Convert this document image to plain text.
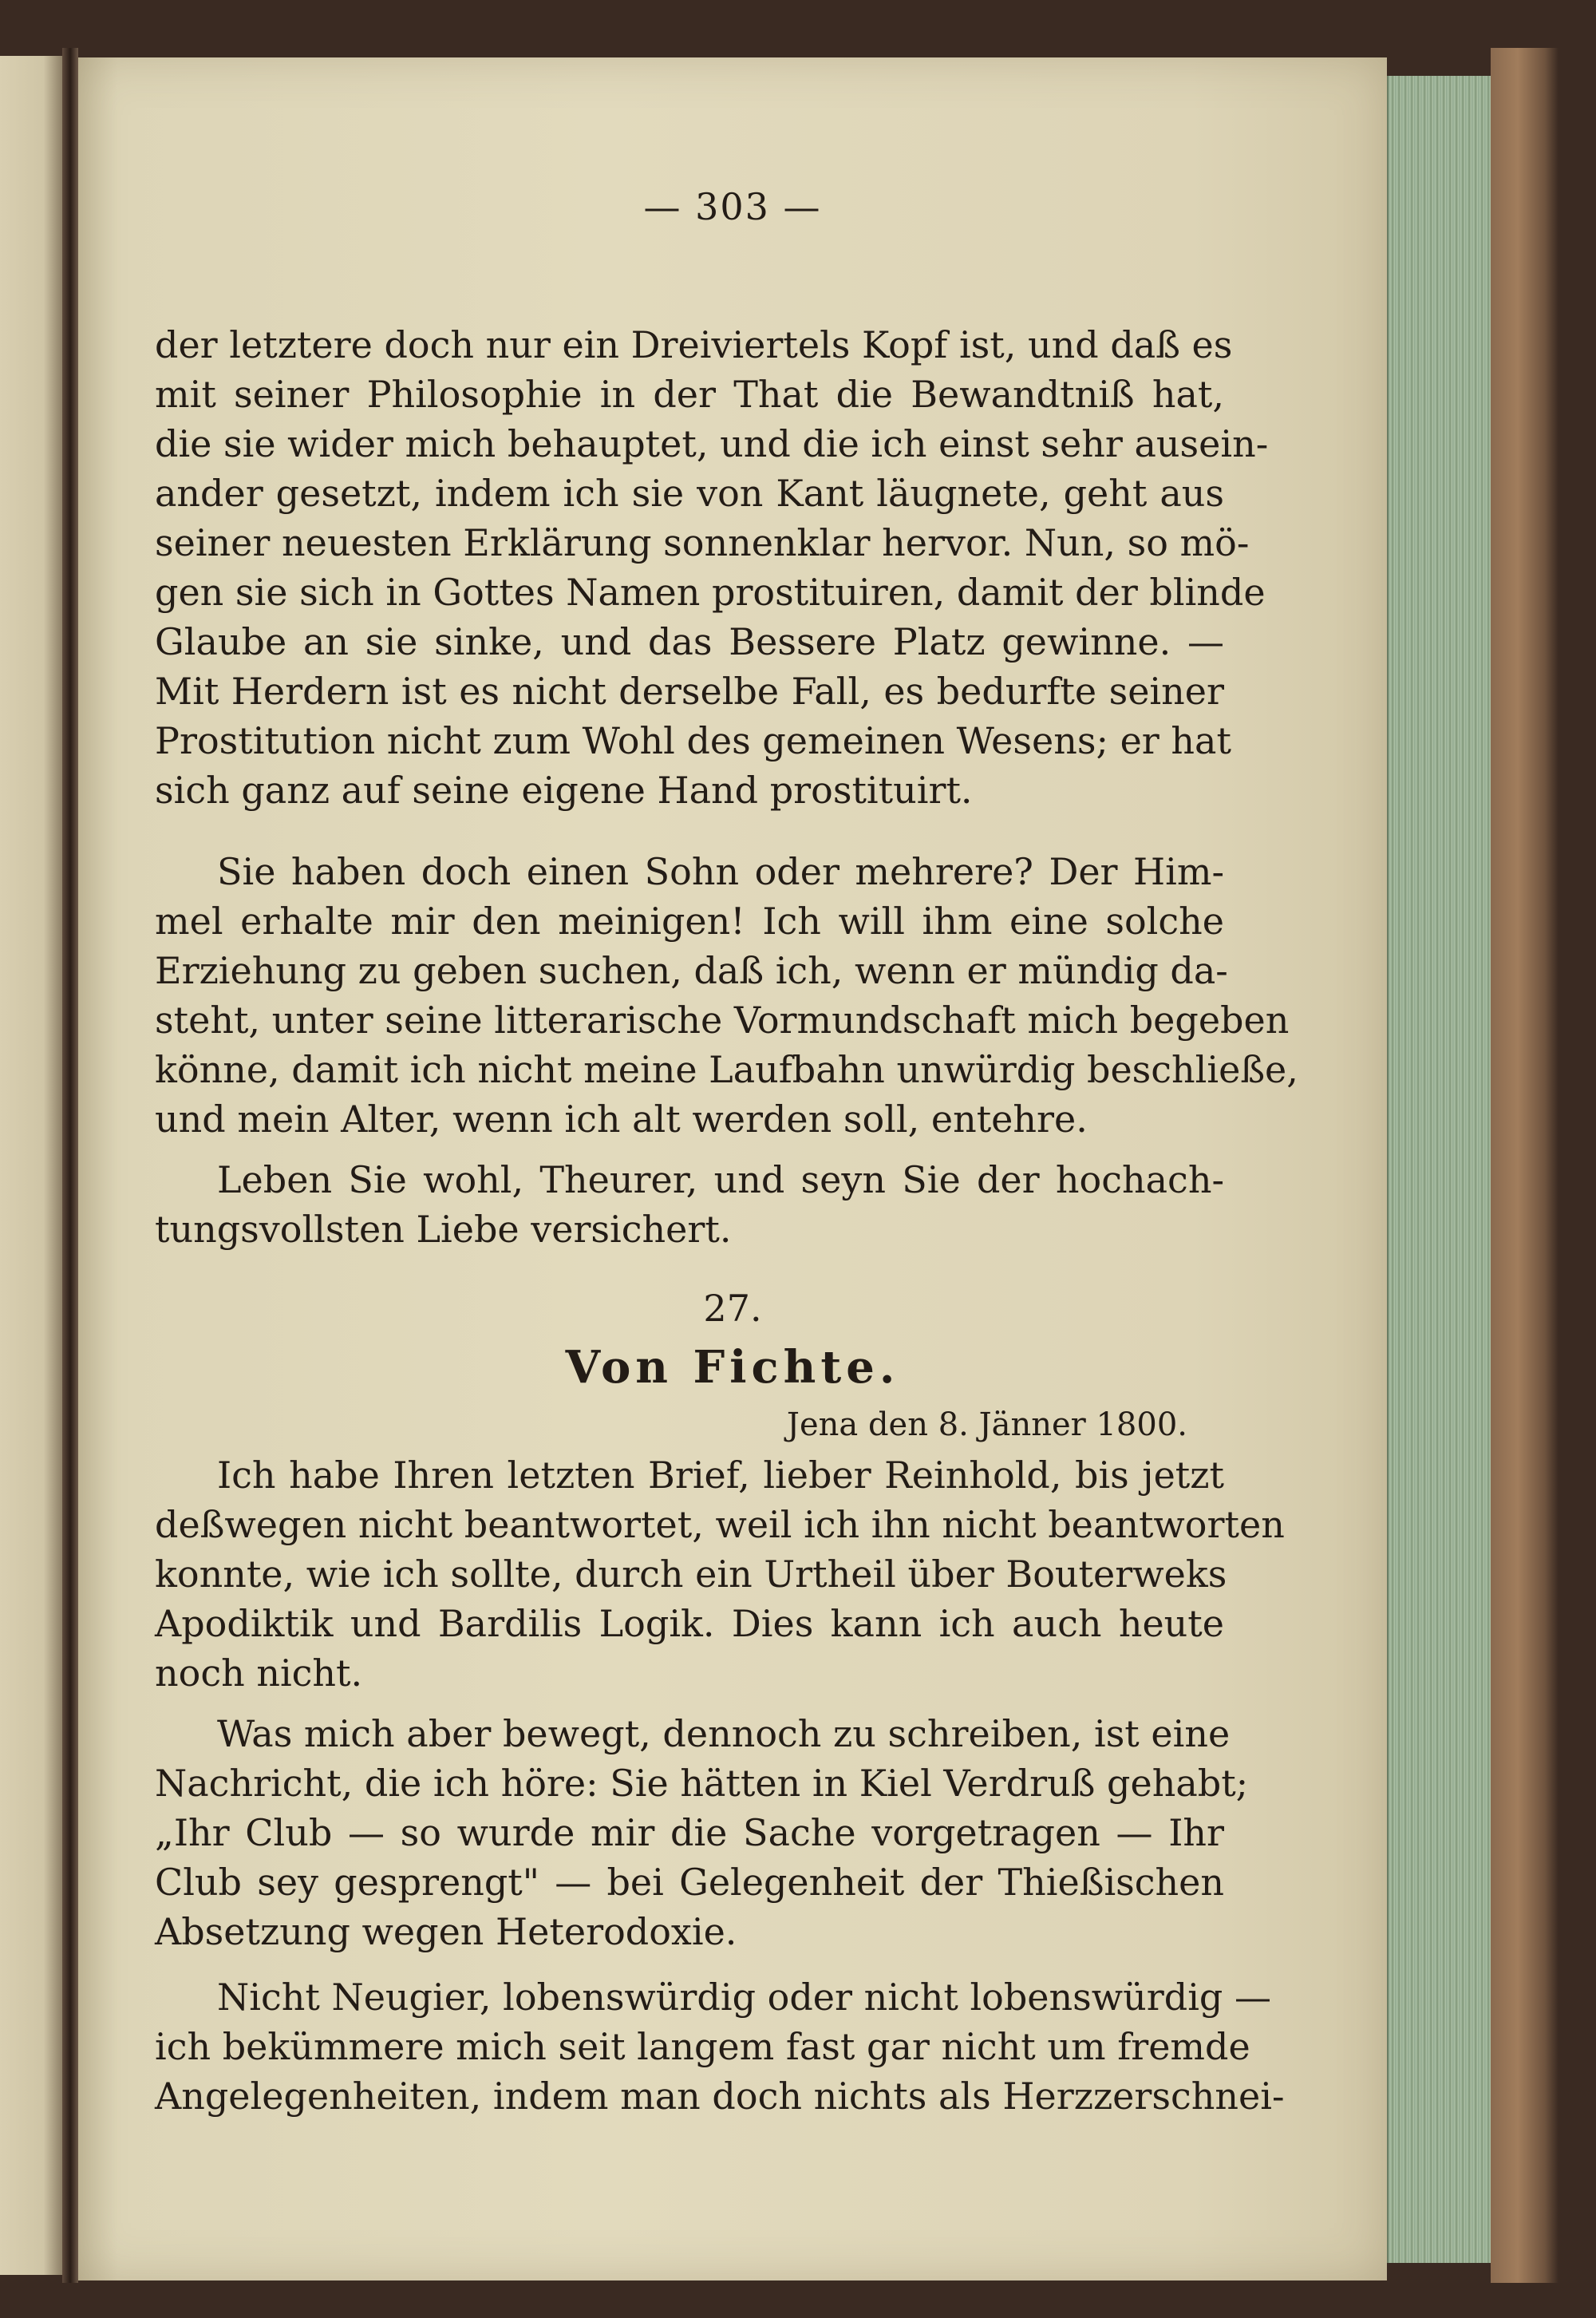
— 303 —
der letztere doch nur ein Dreiviertels Kopf ist, und daß es
mit seiner Philosophie in der That die Bewandtniß hat,
die sie wider mich behauptet, und die ich einst sehr ausein-
ander gesetzt, indem ich sie von Kant läugnete, geht aus
seiner neuesten Erklärung sonnenklar hervor. Nun, so mö-
gen sie sich in Gottes Namen prostituiren, damit der blinde
Glaube an sie sinke, und das Bessere Platz gewinne. —
Mit Herdern ist es nicht derselbe Fall, es bedurfte seiner
Prostitution nicht zum Wohl des gemeinen Wesens; er hat
sich ganz auf seine eigene Hand prostituirt.
Sie haben doch einen Sohn oder mehrere? Der Him-
mel erhalte mir den meinigen! Ich will ihm eine solche
Erziehung zu geben suchen, daß ich, wenn er mündig da-
steht, unter seine litterarische Vormundschaft mich begeben
könne, damit ich nicht meine Laufbahn unwürdig beschließe,
und mein Alter, wenn ich alt werden soll, entehre.
Leben Sie wohl, Theurer, und seyn Sie der hochach-
tungsvollsten Liebe versichert.
27.
Von Fichte.
Jena den 8. Jänner 1800.
Ich habe Ihren letzten Brief, lieber Reinhold, bis jetzt
deßwegen nicht beantwortet, weil ich ihn nicht beantworten
konnte, wie ich sollte, durch ein Urtheil über Bouterweks
Apodiktik und Bardilis Logik. Dies kann ich auch heute
noch nicht.
Was mich aber bewegt, dennoch zu schreiben, ist eine
Nachricht, die ich höre: Sie hätten in Kiel Verdruß gehabt;
„Ihr Club — so wurde mir die Sache vorgetragen — Ihr
Club sey gesprengt" — bei Gelegenheit der Thießischen
Absetzung wegen Heterodoxie.
Nicht Neugier, lobenswürdig oder nicht lobenswürdig —
ich bekümmere mich seit langem fast gar nicht um fremde
Angelegenheiten, indem man doch nichts als Herzzerschnei-
